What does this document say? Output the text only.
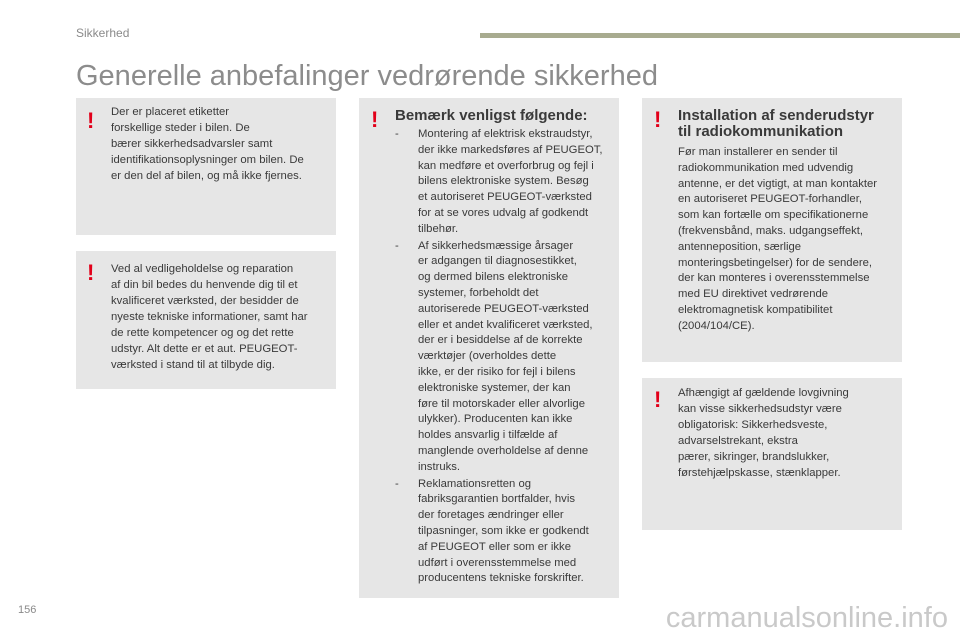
Sikkerhed
Generelle anbefalinger vedrørende sikkerhed
! Der er placeret etiketter
forskellige steder i bilen. De
bærer sikkerhedsadvarsler samt
identifikationsoplysninger om bilen. De
er den del af bilen, og må ikke fjernes.
! Ved al vedligeholdelse og reparation
af din bil bedes du henvende dig til et
kvalificeret værksted, der besidder de
nyeste tekniske informationer, samt har
de rette kompetencer og og det rette
udstyr. Alt dette er et aut. PEUGEOT-
værksted i stand til at tilbyde dig.
! Bemærk venligst følgende:
- Montering af elektrisk ekstraudstyr,
der ikke markedsføres af PEUGEOT,
kan medføre et overforbrug og fejl i
bilens elektroniske system. Besøg
et autoriseret PEUGEOT-værksted
for at se vores udvalg af godkendt
tilbehør.
- Af sikkerhedsmæssige årsager
er adgangen til diagnosestikket,
og dermed bilens elektroniske
systemer, forbeholdt det
autoriserede PEUGEOT-værksted
eller et andet kvalificeret værksted,
der er i besiddelse af de korrekte
værktøjer (overholdes dette
ikke, er der risiko for fejl i bilens
elektroniske systemer, der kan
føre til motorskader eller alvorlige
ulykker). Producenten kan ikke
holdes ansvarlig i tilfælde af
manglende overholdelse af denne
instruks.
- Reklamationsretten og
fabriksgarantien bortfalder, hvis
der foretages ændringer eller
tilpasninger, som ikke er godkendt
af PEUGEOT eller som er ikke
udført i overensstemmelse med
producentens tekniske forskrifter.
! Installation af senderudstyr
til radiokommunikation
Før man installerer en sender til
radiokommunikation med udvendig
antenne, er det vigtigt, at man kontakter
en autoriseret PEUGEOT-forhandler,
som kan fortælle om specifikationerne
(frekvensbånd, maks. udgangseffekt,
antenneposition, særlige
monteringsbetingelser) for de sendere,
der kan monteres i overensstemmelse
med EU direktivet vedrørende
elektromagnetisk kompatibilitet
(2004/104/CE).
! Afhængigt af gældende lovgivning
kan visse sikkerhedsudstyr være
obligatorisk: Sikkerhedsveste,
advarselstrekant, ekstra
pærer, sikringer, brandslukker,
førstehjælpskasse, stænklapper.
156	carmanualsonline.info
